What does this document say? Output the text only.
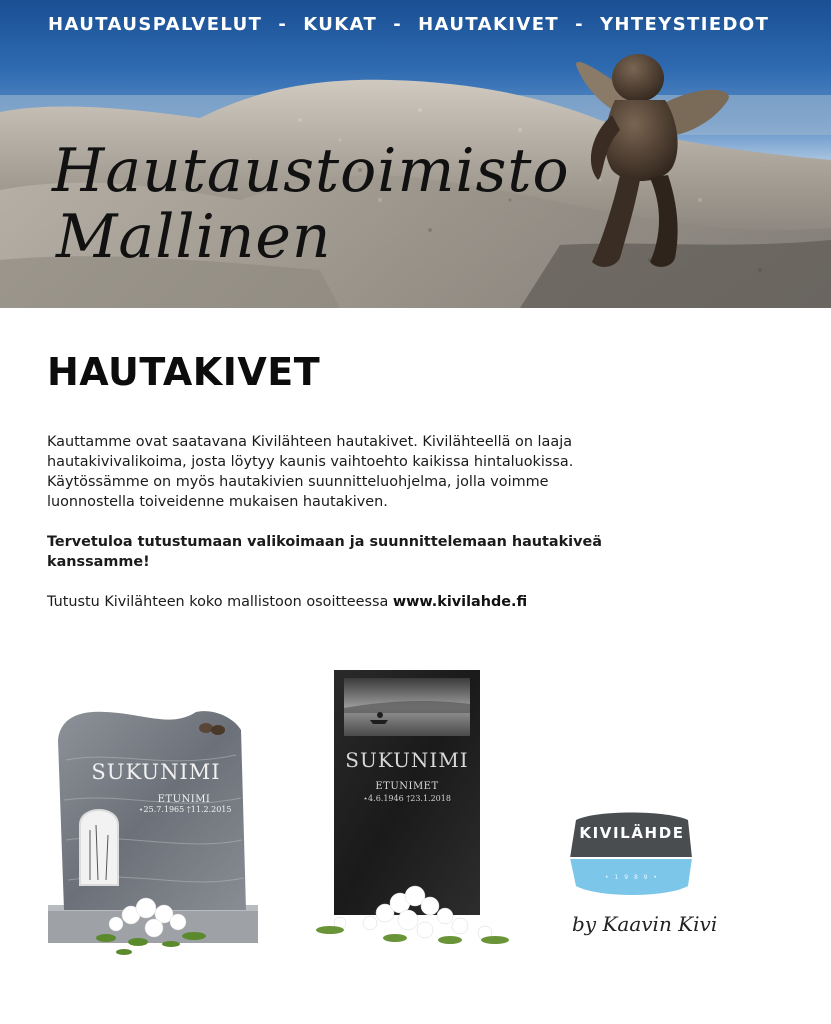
HAUTAUSPALVELUT - KUKAT - HAUTAKIVET - YHTEYSTIEDOT
Hautaustoimisto
Mallinen
HAUTAKIVET

Kauttamme ovat saatavana Kivilähteen hautakivet. Kivilähteellä on laaja hautakivivalikoima, josta löytyy kaunis vaihtoehto kaikissa hintaluokissa. Käytössämme on myös hautakivien suunnitteluohjelma, jolla voimme luonnostella toiveidenne mukaisen hautakiven.

Tervetuloa tutustumaan valikoimaan ja suunnittelemaan hautakiveä kanssamme!

Tutustu Kivilähteen koko mallistoon osoitteessa www.kivilahde.fi

SUKUNIMI
ETUNIMI
⋆25.7.1965 †11.2.2015
SUKUNIMI
ETUNIMET
⋆4.6.1946 †23.1.2018
KIVILÄHDE
• 1 9 8 9 •
by Kaavin Kivi
